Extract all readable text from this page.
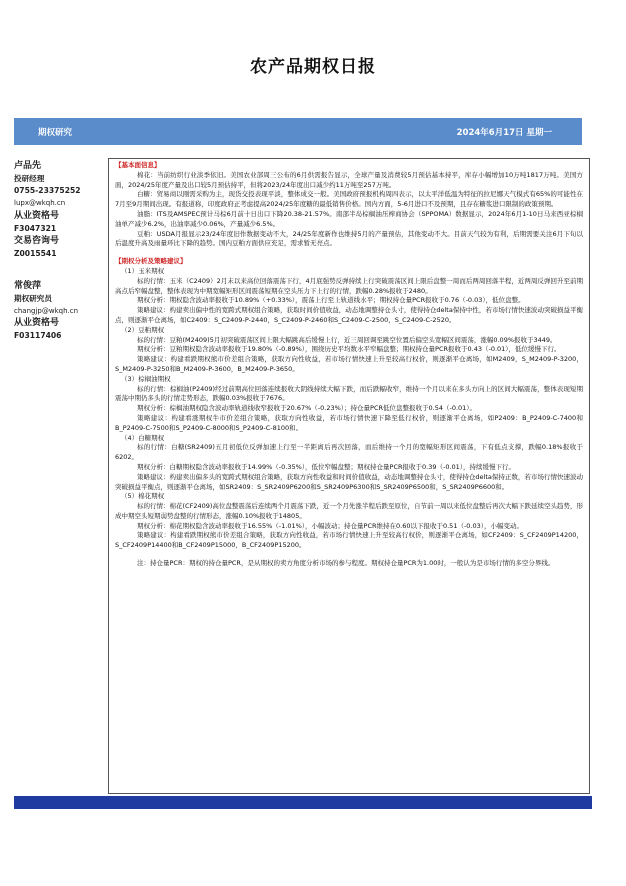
农产品期权日报
期权研究	2024年6月17日 星期一
卢品先
投研经理
0755-23375252
lupx@wkqh.cn
从业资格号
F3047321
交易咨询号
Z0015541
常俊萍
期权研究员
changjp@wkqh.cn
从业资格号
F03117406
【基本面信息】

棉花：当前纺织行业淡季依旧。美国农业部周三公布的6月供需报告显示，全球产量及消费较5月预估基本持平，库存小幅增加10万吨1817万吨。美国方面，2024/25年度产量及出口较5月预估持平，但将2023/24年度出口减少约11万吨至257万吨。

白糖：贸易商以刚需采购为主，现货交投表现平淡，整体成交一般。美国政府预报机构周四表示，以太平洋低温为特征的拉尼娜天气模式有65%的可能性在7月至9月期间出现。有报道称，印度政府正考虑提高2024/25年度糖的最低销售价格。国内方面，5-6月进口不及预期，且存在糖浆进口限制的政策预期。

油脂：ITS及AMSPEC预计马棕6月前十日出口下降20.38-21.57%。南部半岛棕榈油压榨商协会（SPPOMA）数据显示，2024年6月1-10日马来西亚棕榈油单产减少6.2%，出油率减少0.06%，产量减少6.5%。

豆粕：USDA月报显示23/24年度旧作数据变动不大，24/25年度新作也维持5月的产量预估，其他变动不大。目前天气较为有利，后期需要关注6月下旬以后温度升高及雨量环比下降的趋势。国内豆粕方面供应充足，需求暂无亮点。

【期权分析及策略建议】

（1）玉米期权

标的行情：玉米（C2409）2月末以来高位回落震荡下行，4月底强势反弹持续上行突破震荡区间上限后盘整一周而后两周回落半程，近两周反弹回升至前期高点后窄幅盘整，整体表现为中期宽幅矩形区间震荡短期在空头压力下上行的行情，跌幅0.28%报收于2480。

期权分析：期权隐含波动率报收于10.89%（+0.33%），震荡上行至上轨道线水平；期权持仓量PCR报收于0.76（-0.03），低位盘整。

策略建议：构建卖出偏中性的宽跨式期权组合策略，获取时间价值收益，动态地调整持仓头寸，使得持仓delta保持中性，若市场行情快速波动突破损益平衡点，则逐渐平仓离场，如C2409：S_C2409-P-2440，S_C2409-P-2460和S_C2409-C-2500，S_C2409-C-2520。

（2）豆粕期权

标的行情：豆粕(M2409)5月初突破震荡区间上限大幅跳高后缓慢上行，近三周回调至跳空位置后偏空头宽幅区间震荡，涨幅0.09%报收于3449。

期权分析：豆粕期权隐含波动率报收于19.80%（-0.89%），围绕历史平均数水平窄幅盘整；期权持仓量PCR报收于0.43（-0.01），低位缓慢下行。

策略建议：构建看跌期权熊市价差组合策略，获取方向性收益，若市场行情快速上升至较高行权价，则逐渐平仓离场，如M2409，S_M2409-P-3200，S_M2409-P-3250和B_M2409-P-3600，B_M2409-P-3650。

（3）棕榈油期权

标的行情：棕榈油(P2409)经过前期高位回落连续报收大阴线持续大幅下跌，而后跌幅收窄，维持一个月以来在多头方向上的区间大幅震荡，整体表现短期震荡中期仍多头的行情走势形态，跌幅0.03%报收于7676。

期权分析：棕榈油期权隐含波动率轨道线收窄报收于20.67%（-0.23%）；持仓量PCR低位盘整报收于0.54（-0.01）。

策略建议：构建看涨期权牛市价差组合策略，获取方向性收益，若市场行情快速下降至低行权价，则逐渐平仓离场，如P2409：B_P2409-C-7400和B_P2409-C-7500和S_P2409-C-8000和S_P2409-C-8100和。

（4）白糖期权

标的行情：白糖(SR2409)五月初低位反弹加速上行至一半距离后再次回落，而后维持一个月的宽幅矩形区间震荡，下有低点支撑，跌幅0.18%报收于6202。

期权分析：白糖期权隐含波动率报收于14.99%（-0.35%），低位窄幅盘整；期权持仓量PCR报收于0.39（-0.01），持续缓慢下行。

策略建议：构建卖出偏多头的宽跨式期权组合策略，获取方向性收益和时间价值收益，动态地调整持仓头寸，使得持仓delta保持正数，若市场行情快速波动突破损益平衡点，则逐渐平仓离场，如SR2409：S_SR2409P6200和S_SR2409P6300和S_SR2409P6500和，S_SR2409P6600和。

（5）棉花期权

标的行情：棉花(CF2409)高位盘整震荡后连续两个月震荡下跌，近一个月先涨半程后跌至原位，自节前一周以来低位盘整后再次大幅下跌延续空头趋势，形成中期空头短期弱势盘整的行情形态，涨幅0.10%报收于14805。

期权分析：棉花期权隐含波动率报收于16.55%（-1.01%），小幅波动；持仓量PCR维持在0.60以下报收于0.51（-0.03），小幅变动。

策略建议：构建看跌期权熊市价差组合策略，获取方向性收益，若市场行情快速上升至较高行权价，则逐渐平仓离场，如CF2409：S_CF2409P14200，S_CF2409P14400和B_CF2409P15000，B_CF2409P15200。

注：持仓量PCR：期权的持仓量PCR，是从期权的卖方角度分析市场的参与程度。期权持仓量PCR为1.00时，一般认为是市场行情的多空分界线。
